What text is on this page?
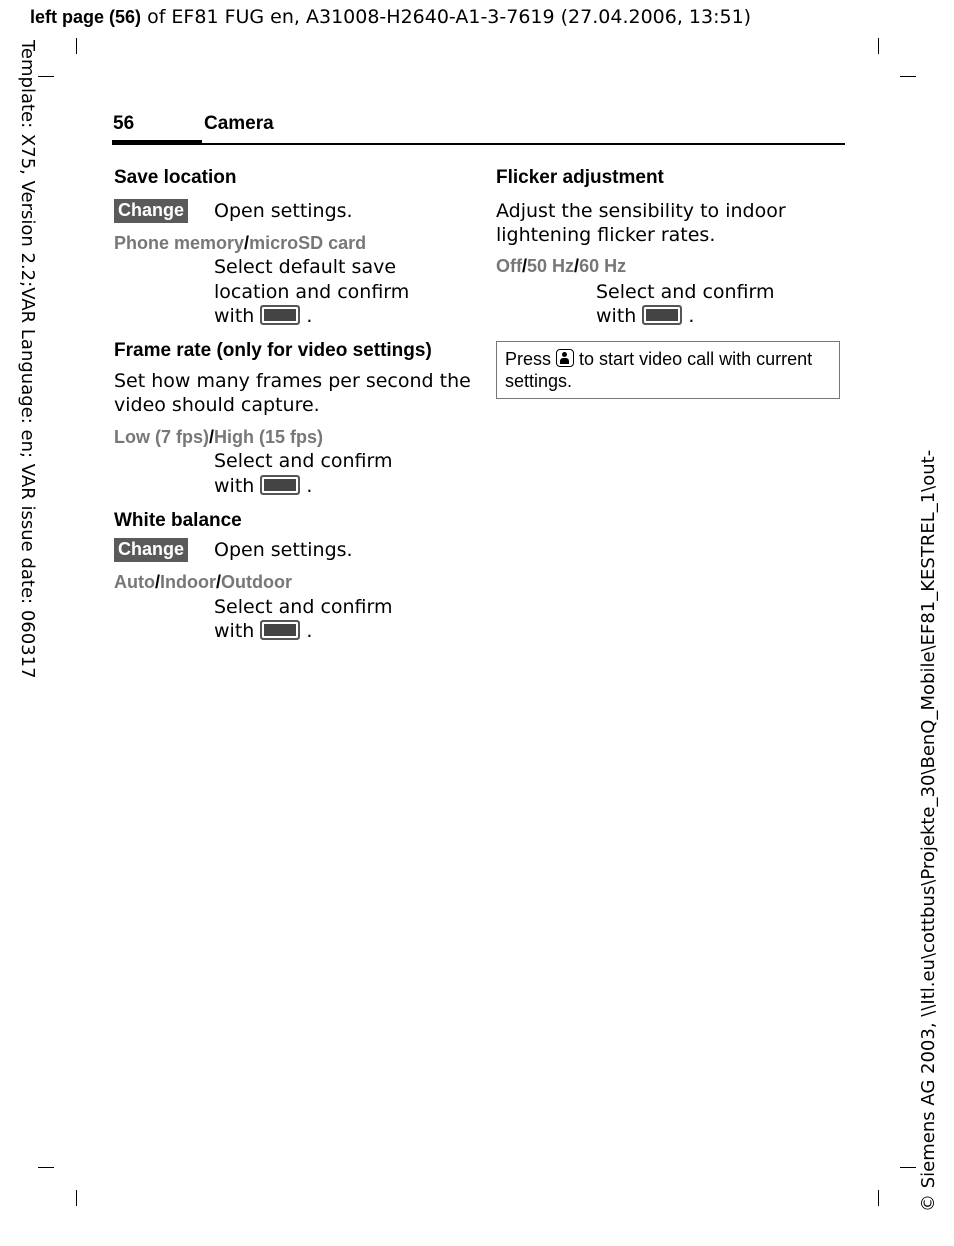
left page (56) of EF81 FUG en, A31008-H2640-A1-3-7619 (27.04.2006, 13:51)
Template: X75, Version 2.2;VAR Language: en; VAR issue date: 060317
© Siemens AG 2003, \\Itl.eu\cottbus\Projekte_30\BenQ_Mobile\EF81_KESTREL_1\out-
56	Camera
Save location
Change Open settings.
Phone memory/microSD card
Select default save
location and confirm
with	.
Frame rate (only for video settings)
Set how many frames per second the
video should capture.
Low (7 fps)/High (15 fps)
Select and confirm
with	.
White balance
Change Open settings.
Auto/Indoor/Outdoor
Select and confirm
with	.
Flicker adjustment
Adjust the sensibility to indoor
lightening flicker rates.
Off/50 Hz/60 Hz
Select and confirm
with	.
Press to start video call with current
settings.
